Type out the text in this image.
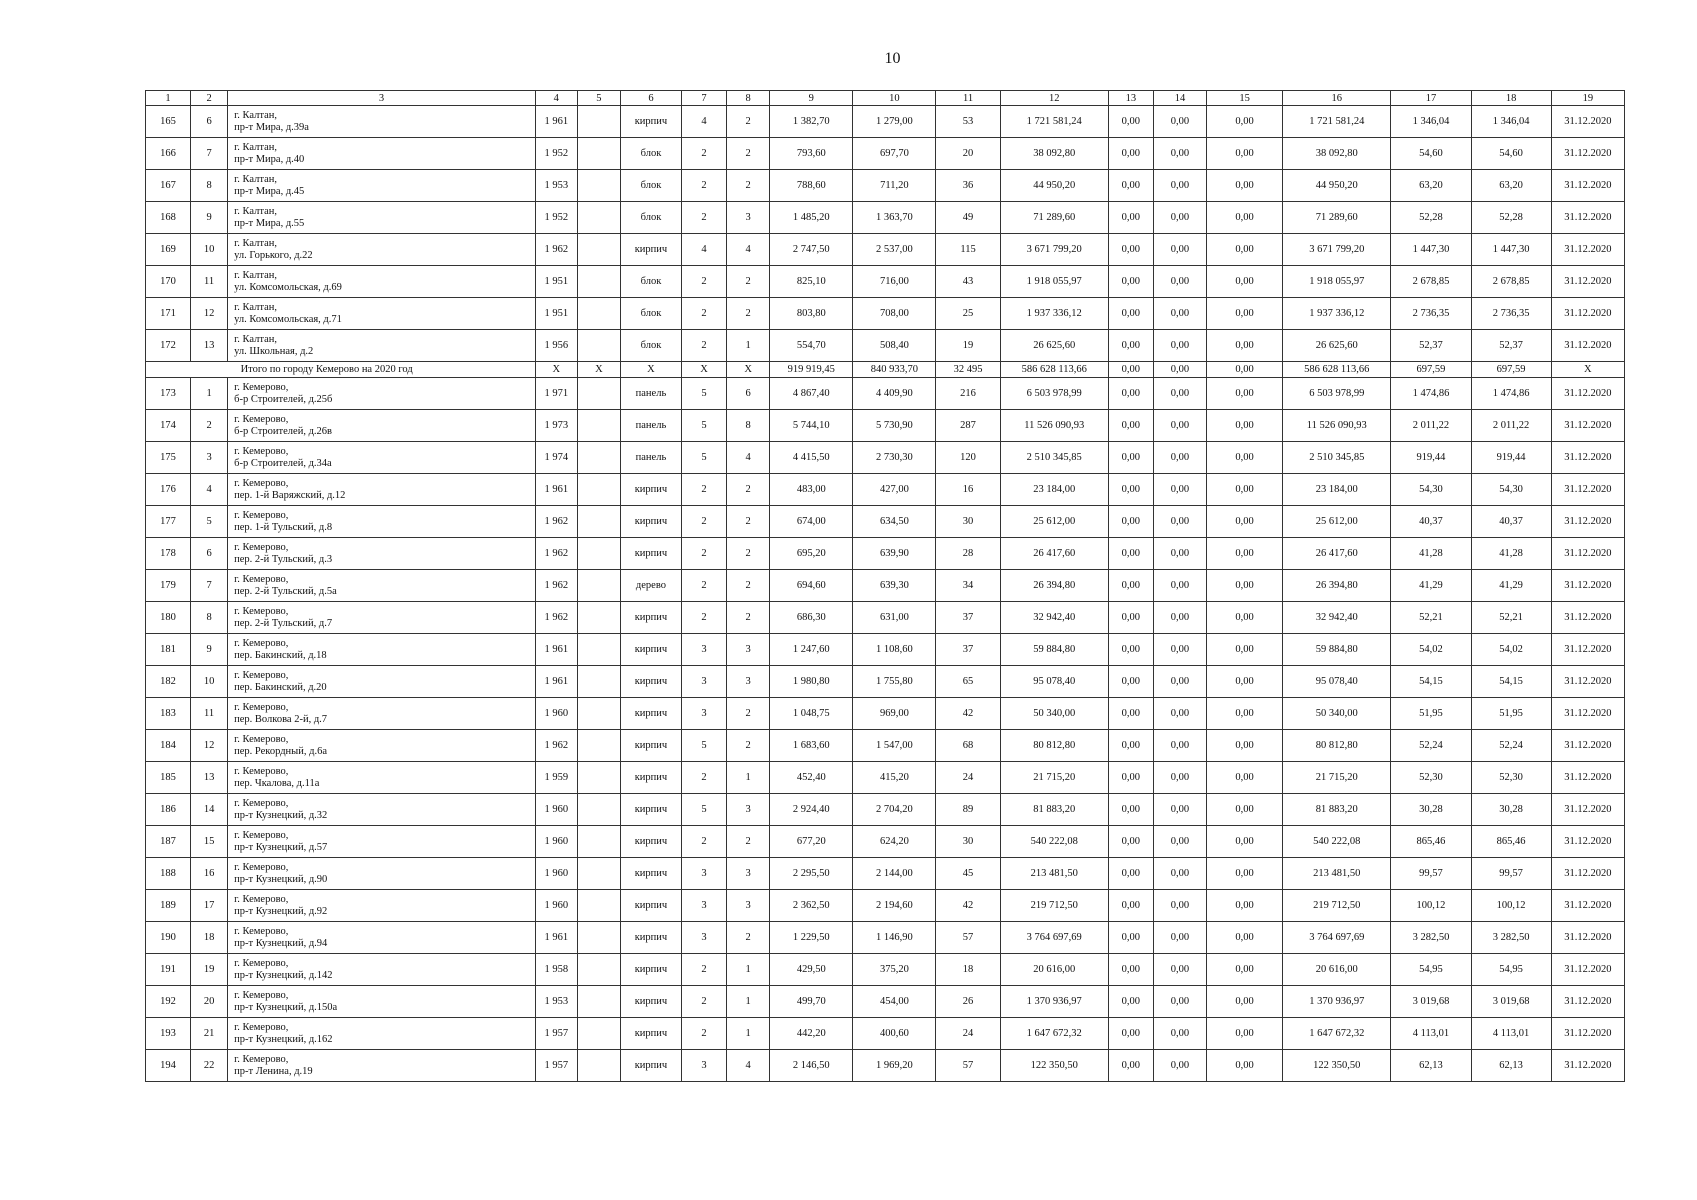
10
1	2	3	4	5	6	7	8	9	10	11	12	13	14	15	16	17	18	19
165	6	г. Калтан,
пр-т Мира, д.39а	1 961		кирпич	4	2	1 382,70	1 279,00	53	1 721 581,24	0,00	0,00	0,00	1 721 581,24	1 346,04	1 346,04	31.12.2020
166	7	г. Калтан,
пр-т Мира, д.40	1 952		блок	2	2	793,60	697,70	20	38 092,80	0,00	0,00	0,00	38 092,80	54,60	54,60	31.12.2020
167	8	г. Калтан,
пр-т Мира, д.45	1 953		блок	2	2	788,60	711,20	36	44 950,20	0,00	0,00	0,00	44 950,20	63,20	63,20	31.12.2020
168	9	г. Калтан,
пр-т Мира, д.55	1 952		блок	2	3	1 485,20	1 363,70	49	71 289,60	0,00	0,00	0,00	71 289,60	52,28	52,28	31.12.2020
169	10	г. Калтан,
ул. Горького, д.22	1 962		кирпич	4	4	2 747,50	2 537,00	115	3 671 799,20	0,00	0,00	0,00	3 671 799,20	1 447,30	1 447,30	31.12.2020
170	11	г. Калтан,
ул. Комсомольская, д.69	1 951		блок	2	2	825,10	716,00	43	1 918 055,97	0,00	0,00	0,00	1 918 055,97	2 678,85	2 678,85	31.12.2020
171	12	г. Калтан,
ул. Комсомольская, д.71	1 951		блок	2	2	803,80	708,00	25	1 937 336,12	0,00	0,00	0,00	1 937 336,12	2 736,35	2 736,35	31.12.2020
172	13	г. Калтан,
ул. Школьная, д.2	1 956		блок	2	1	554,70	508,40	19	26 625,60	0,00	0,00	0,00	26 625,60	52,37	52,37	31.12.2020
	Итого по городу Кемерово на 2020 год		X	X	X	X	X	919 919,45	840 933,70	32 495	586 628 113,66	0,00	0,00	0,00	586 628 113,66	697,59	697,59	X
173	1	г. Кемерово,
б-р Строителей, д.25б	1 971		панель	5	6	4 867,40	4 409,90	216	6 503 978,99	0,00	0,00	0,00	6 503 978,99	1 474,86	1 474,86	31.12.2020
174	2	г. Кемерово,
б-р Строителей, д.26в	1 973		панель	5	8	5 744,10	5 730,90	287	11 526 090,93	0,00	0,00	0,00	11 526 090,93	2 011,22	2 011,22	31.12.2020
175	3	г. Кемерово,
б-р Строителей, д.34а	1 974		панель	5	4	4 415,50	2 730,30	120	2 510 345,85	0,00	0,00	0,00	2 510 345,85	919,44	919,44	31.12.2020
176	4	г. Кемерово,
пер. 1-й Варяжский, д.12	1 961		кирпич	2	2	483,00	427,00	16	23 184,00	0,00	0,00	0,00	23 184,00	54,30	54,30	31.12.2020
177	5	г. Кемерово,
пер. 1-й Тульский, д.8	1 962		кирпич	2	2	674,00	634,50	30	25 612,00	0,00	0,00	0,00	25 612,00	40,37	40,37	31.12.2020
178	6	г. Кемерово,
пер. 2-й Тульский, д.3	1 962		кирпич	2	2	695,20	639,90	28	26 417,60	0,00	0,00	0,00	26 417,60	41,28	41,28	31.12.2020
179	7	г. Кемерово,
пер. 2-й Тульский, д.5а	1 962		дерево	2	2	694,60	639,30	34	26 394,80	0,00	0,00	0,00	26 394,80	41,29	41,29	31.12.2020
180	8	г. Кемерово,
пер. 2-й Тульский, д.7	1 962		кирпич	2	2	686,30	631,00	37	32 942,40	0,00	0,00	0,00	32 942,40	52,21	52,21	31.12.2020
181	9	г. Кемерово,
пер. Бакинский, д.18	1 961		кирпич	3	3	1 247,60	1 108,60	37	59 884,80	0,00	0,00	0,00	59 884,80	54,02	54,02	31.12.2020
182	10	г. Кемерово,
пер. Бакинский, д.20	1 961		кирпич	3	3	1 980,80	1 755,80	65	95 078,40	0,00	0,00	0,00	95 078,40	54,15	54,15	31.12.2020
183	11	г. Кемерово,
пер. Волкова 2-й, д.7	1 960		кирпич	3	2	1 048,75	969,00	42	50 340,00	0,00	0,00	0,00	50 340,00	51,95	51,95	31.12.2020
184	12	г. Кемерово,
пер. Рекордный, д.6а	1 962		кирпич	5	2	1 683,60	1 547,00	68	80 812,80	0,00	0,00	0,00	80 812,80	52,24	52,24	31.12.2020
185	13	г. Кемерово,
пер. Чкалова, д.11а	1 959		кирпич	2	1	452,40	415,20	24	21 715,20	0,00	0,00	0,00	21 715,20	52,30	52,30	31.12.2020
186	14	г. Кемерово,
пр-т Кузнецкий, д.32	1 960		кирпич	5	3	2 924,40	2 704,20	89	81 883,20	0,00	0,00	0,00	81 883,20	30,28	30,28	31.12.2020
187	15	г. Кемерово,
пр-т Кузнецкий, д.57	1 960		кирпич	2	2	677,20	624,20	30	540 222,08	0,00	0,00	0,00	540 222,08	865,46	865,46	31.12.2020
188	16	г. Кемерово,
пр-т Кузнецкий, д.90	1 960		кирпич	3	3	2 295,50	2 144,00	45	213 481,50	0,00	0,00	0,00	213 481,50	99,57	99,57	31.12.2020
189	17	г. Кемерово,
пр-т Кузнецкий, д.92	1 960		кирпич	3	3	2 362,50	2 194,60	42	219 712,50	0,00	0,00	0,00	219 712,50	100,12	100,12	31.12.2020
190	18	г. Кемерово,
пр-т Кузнецкий, д.94	1 961		кирпич	3	2	1 229,50	1 146,90	57	3 764 697,69	0,00	0,00	0,00	3 764 697,69	3 282,50	3 282,50	31.12.2020
191	19	г. Кемерово,
пр-т Кузнецкий, д.142	1 958		кирпич	2	1	429,50	375,20	18	20 616,00	0,00	0,00	0,00	20 616,00	54,95	54,95	31.12.2020
192	20	г. Кемерово,
пр-т Кузнецкий, д.150а	1 953		кирпич	2	1	499,70	454,00	26	1 370 936,97	0,00	0,00	0,00	1 370 936,97	3 019,68	3 019,68	31.12.2020
193	21	г. Кемерово,
пр-т Кузнецкий, д.162	1 957		кирпич	2	1	442,20	400,60	24	1 647 672,32	0,00	0,00	0,00	1 647 672,32	4 113,01	4 113,01	31.12.2020
194	22	г. Кемерово,
пр-т Ленина, д.19	1 957		кирпич	3	4	2 146,50	1 969,20	57	122 350,50	0,00	0,00	0,00	122 350,50	62,13	62,13	31.12.2020
